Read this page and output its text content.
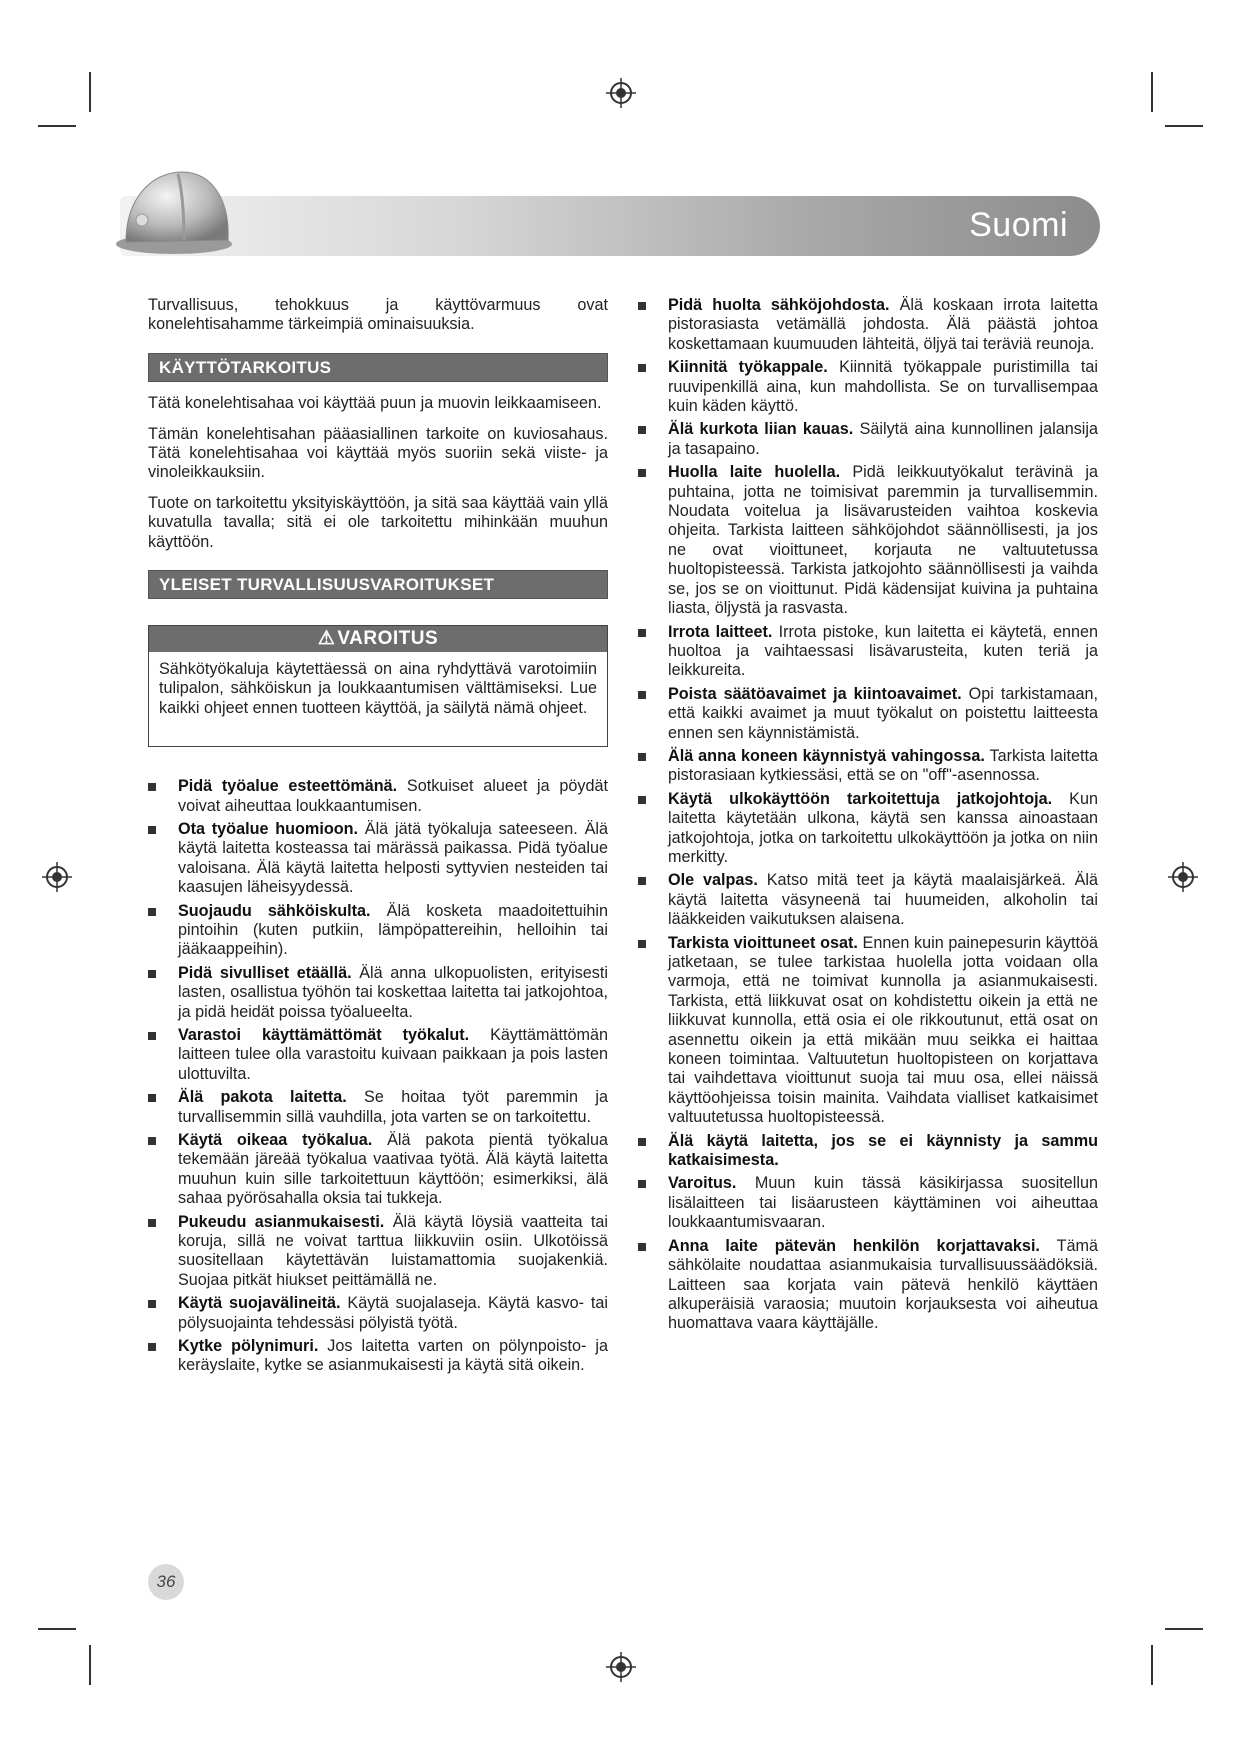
Suomi

Turvallisuus, tehokkuus ja käyttövarmuus ovat konelehtisahamme tärkeimpiä ominaisuuksia.

KÄYTTÖTARKOITUS

Tätä konelehtisahaa voi käyttää puun ja muovin leikkaamiseen.

Tämän konelehtisahan pääasiallinen tarkoite on kuviosahaus. Tätä konelehtisahaa voi käyttää myös suoriin sekä viiste- ja vinoleikkauksiin.

Tuote on tarkoitettu yksityiskäyttöön, ja sitä saa käyttää vain yllä kuvatulla tavalla; sitä ei ole tarkoitettu mihinkään muuhun käyttöön.

YLEISET TURVALLISUUSVAROITUKSET
⚠ VAROITUS
Sähkötyökaluja käytettäessä on aina ryhdyttävä varotoimiin tulipalon, sähköiskun ja loukkaantumisen välttämiseksi. Lue kaikki ohjeet ennen tuotteen käyttöä, ja säilytä nämä ohjeet.
Pidä työalue esteettömänä. Sotkuiset alueet ja pöydät voivat aiheuttaa loukkaantumisen.
Ota työalue huomioon. Älä jätä työkaluja sateeseen. Älä käytä laitetta kosteassa tai märässä paikassa. Pidä työalue valoisana. Älä käytä laitetta helposti syttyvien nesteiden tai kaasujen läheisyydessä.
Suojaudu sähköiskulta. Älä kosketa maadoitettuihin pintoihin (kuten putkiin, lämpöpattereihin, helloihin tai jääkaappeihin).
Pidä sivulliset etäällä. Älä anna ulkopuolisten, erityisesti lasten, osallistua työhön tai koskettaa laitetta tai jatkojohtoa, ja pidä heidät poissa työalueelta.
Varastoi käyttämättömät työkalut. Käyttämättömän laitteen tulee olla varastoitu kuivaan paikkaan ja pois lasten ulottuvilta.
Älä pakota laitetta. Se hoitaa työt paremmin ja turvallisemmin sillä vauhdilla, jota varten se on tarkoitettu.
Käytä oikeaa työkalua. Älä pakota pientä työkalua tekemään järeää työkalua vaativaa työtä. Älä käytä laitetta muuhun kuin sille tarkoitettuun käyttöön; esimerkiksi, älä sahaa pyörösahalla oksia tai tukkeja.
Pukeudu asianmukaisesti. Älä käytä löysiä vaatteita tai koruja, sillä ne voivat tarttua liikkuviin osiin. Ulkotöissä suositellaan käytettävän luistamattomia suojakenkiä. Suojaa pitkät hiukset peittämällä ne.
Käytä suojavälineitä. Käytä suojalaseja. Käytä kasvo- tai pölysuojainta tehdessäsi pölyistä työtä.
Kytke pölynimuri. Jos laitetta varten on pölynpoisto- ja keräyslaite, kytke se asianmukaisesti ja käytä sitä oikein.
Pidä huolta sähköjohdosta. Älä koskaan irrota laitetta pistorasiasta vetämällä johdosta. Älä päästä johtoa koskettamaan kuumuuden lähteitä, öljyä tai teräviä reunoja.
Kiinnitä työkappale. Kiinnitä työkappale puristimilla tai ruuvipenkillä aina, kun mahdollista. Se on turvallisempaa kuin käden käyttö.
Älä kurkota liian kauas. Säilytä aina kunnollinen jalansija ja tasapaino.
Huolla laite huolella. Pidä leikkuutyökalut terävinä ja puhtaina, jotta ne toimisivat paremmin ja turvallisemmin. Noudata voitelua ja lisävarusteiden vaihtoa koskevia ohjeita. Tarkista laitteen sähköjohdot säännöllisesti, ja jos ne ovat vioittuneet, korjauta ne valtuutetussa huoltopisteessä. Tarkista jatkojohto säännöllisesti ja vaihda se, jos se on vioittunut. Pidä kädensijat kuivina ja puhtaina liasta, öljystä ja rasvasta.
Irrota laitteet. Irrota pistoke, kun laitetta ei käytetä, ennen huoltoa ja vaihtaessasi lisävarusteita, kuten teriä ja leikkureita.
Poista säätöavaimet ja kiintoavaimet. Opi tarkistamaan, että kaikki avaimet ja muut työkalut on poistettu laitteesta ennen sen käynnistämistä.
Älä anna koneen käynnistyä vahingossa. Tarkista laitetta pistorasiaan kytkiessäsi, että se on "off"-asennossa.
Käytä ulkokäyttöön tarkoitettuja jatkojohtoja. Kun laitetta käytetään ulkona, käytä sen kanssa ainoastaan jatkojohtoja, jotka on tarkoitettu ulkokäyttöön ja jotka on niin merkitty.
Ole valpas. Katso mitä teet ja käytä maalaisjärkeä. Älä käytä laitetta väsyneenä tai huumeiden, alkoholin tai lääkkeiden vaikutuksen alaisena.
Tarkista vioittuneet osat. Ennen kuin painepesurin käyttöä jatketaan, se tulee tarkistaa huolella jotta voidaan olla varmoja, että ne toimivat kunnolla ja asianmukaisesti. Tarkista, että liikkuvat osat on kohdistettu oikein ja että ne liikkuvat kunnolla, että osia ei ole rikkoutunut, että osat on asennettu oikein ja että mikään muu seikka ei haittaa koneen toimintaa. Valtuutetun huoltopisteen on korjattava tai vaihdettava vioittunut suoja tai muu osa, ellei näissä käyttöohjeissa toisin mainita. Vaihdata vialliset katkaisimet valtuutetussa huoltopisteessä.
Älä käytä laitetta, jos se ei käynnisty ja sammu katkaisimesta.
Varoitus. Muun kuin tässä käsikirjassa suositellun lisälaitteen tai lisäarusteen käyttäminen voi aiheuttaa loukkaantumisvaaran.
Anna laite pätevän henkilön korjattavaksi. Tämä sähkölaite noudattaa asianmukaisia turvallisuussäädöksiä. Laitteen saa korjata vain pätevä henkilö käyttäen alkuperäisiä varaosia; muutoin korjauksesta voi aiheutua huomattava vaara käyttäjälle.
36
